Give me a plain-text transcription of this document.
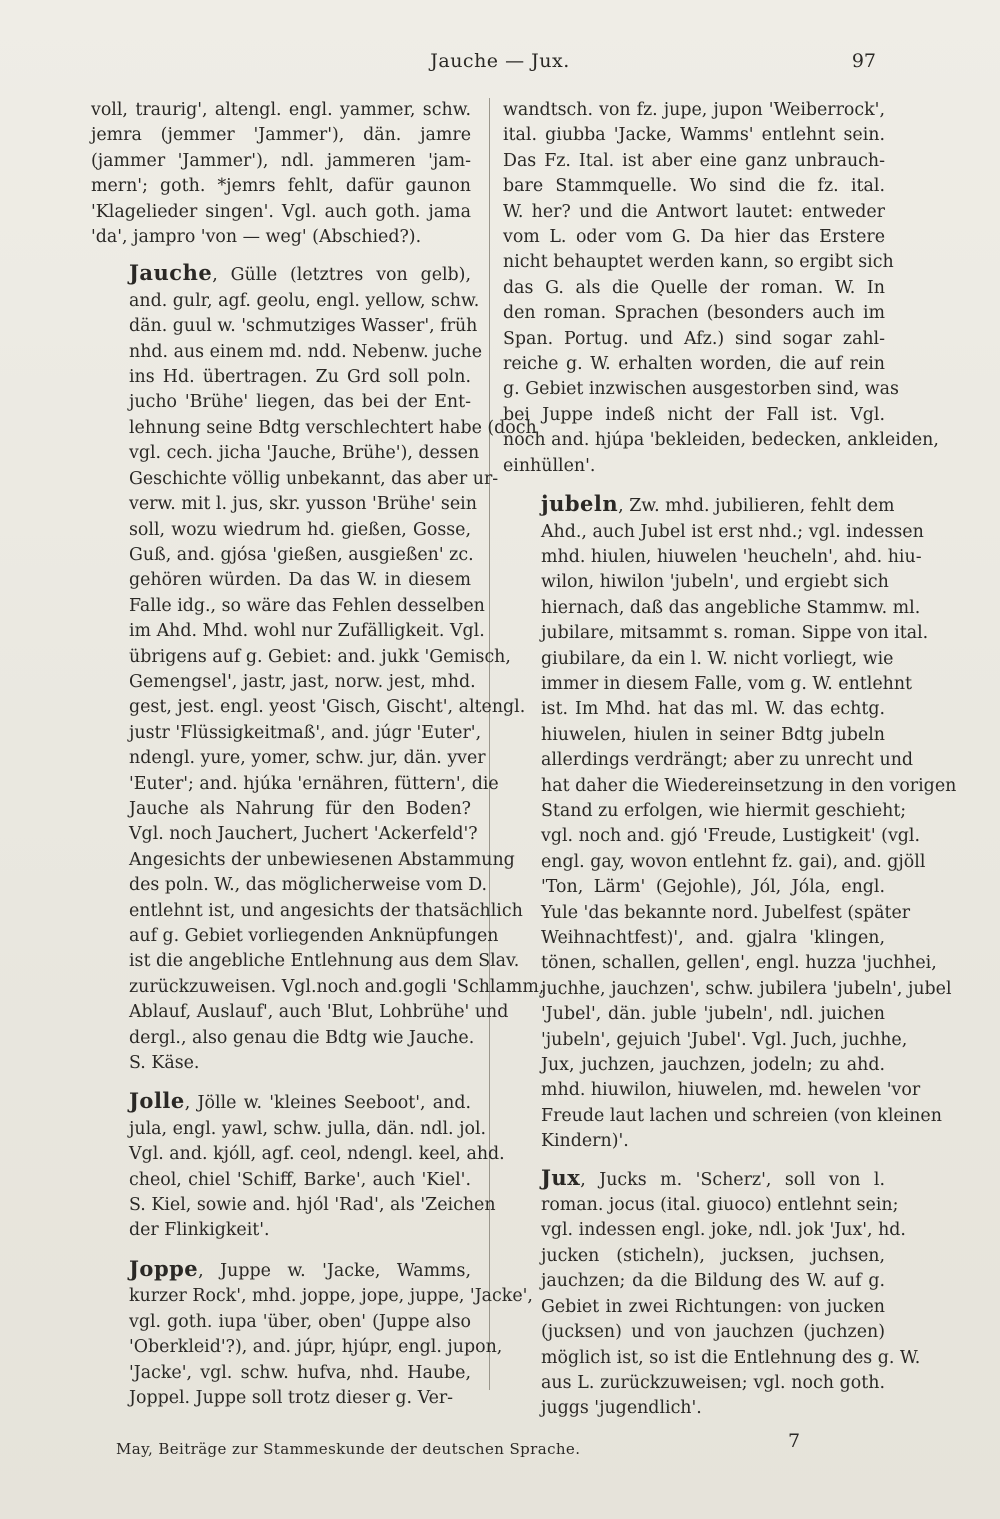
Jauche — Jux.	97

voll, traurig', altengl. engl. yammer, schw.
jemra (jemmer 'Jammer'), dän. jamre
(jammer 'Jammer'), ndl. jammeren 'jam-
mern'; goth. *jemrs fehlt, dafür gaunon
'Klagelieder singen'. Vgl. auch goth. jama
'da', jampro 'von — weg' (Abschied?).

Jauche, Gülle (letztres von gelb),
and. gulr, agf. geolu, engl. yellow, schw.
dän. guul w. 'schmutziges Wasser', früh
nhd. aus einem md. ndd. Nebenw. juche
ins Hd. übertragen. Zu Grd soll poln.
jucho 'Brühe' liegen, das bei der Ent-
lehnung seine Bdtg verschlechtert habe (doch
vgl. cech. jicha 'Jauche, Brühe'), dessen
Geschichte völlig unbekannt, das aber ur-
verw. mit l. jus, skr. yusson 'Brühe' sein
soll, wozu wiedrum hd. gießen, Gosse,
Guß, and. gjósa 'gießen, ausgießen' zc.
gehören würden. Da das W. in diesem
Falle idg., so wäre das Fehlen desselben
im Ahd. Mhd. wohl nur Zufälligkeit. Vgl.
übrigens auf g. Gebiet: and. jukk 'Gemisch,
Gemengsel', jastr, jast, norw. jest, mhd.
gest, jest. engl. yeost 'Gisch, Gischt', altengl.
justr 'Flüssigkeitmaß', and. júgr 'Euter',
ndengl. yure, yomer, schw. jur, dän. yver
'Euter'; and. hjúka 'ernähren, füttern', die
Jauche als Nahrung für den Boden?
Vgl. noch Jauchert, Juchert 'Ackerfeld'?
Angesichts der unbewiesenen Abstammung
des poln. W., das möglicherweise vom D.
entlehnt ist, und angesichts der thatsächlich
auf g. Gebiet vorliegenden Anknüpfungen
ist die angebliche Entlehnung aus dem Slav.
zurückzuweisen. Vgl.noch and.gogli 'Schlamm,
Ablauf, Auslauf', auch 'Blut, Lohbrühe' und
dergl., also genau die Bdtg wie Jauche.
S. Käse.

Jolle, Jölle w. 'kleines Seeboot', and.
jula, engl. yawl, schw. julla, dän. ndl. jol.
Vgl. and. kjóll, agf. ceol, ndengl. keel, ahd.
cheol, chiel 'Schiff, Barke', auch 'Kiel'.
S. Kiel, sowie and. hjól 'Rad', als 'Zeichen
der Flinkigkeit'.

Joppe, Juppe w. 'Jacke, Wamms,
kurzer Rock', mhd. joppe, jope, juppe, 'Jacke',
vgl. goth. iupa 'über, oben' (Juppe also
'Oberkleid'?), and. júpr, hjúpr, engl. jupon,
'Jacke', vgl. schw. hufva, nhd. Haube,
Joppel. Juppe soll trotz dieser g. Ver-

wandtsch. von fz. jupe, jupon 'Weiberrock',
ital. giubba 'Jacke, Wamms' entlehnt sein.
Das Fz. Ital. ist aber eine ganz unbrauch-
bare Stammquelle. Wo sind die fz. ital.
W. her? und die Antwort lautet: entweder
vom L. oder vom G. Da hier das Erstere
nicht behauptet werden kann, so ergibt sich
das G. als die Quelle der roman. W. In
den roman. Sprachen (besonders auch im
Span. Portug. und Afz.) sind sogar zahl-
reiche g. W. erhalten worden, die auf rein
g. Gebiet inzwischen ausgestorben sind, was
bei Juppe indeß nicht der Fall ist. Vgl.
noch and. hjúpa 'bekleiden, bedecken, ankleiden,
einhüllen'.

jubeln, Zw. mhd. jubilieren, fehlt dem
Ahd., auch Jubel ist erst nhd.; vgl. indessen
mhd. hiulen, hiuwelen 'heucheln', ahd. hiu-
wilon, hiwilon 'jubeln', und ergiebt sich
hiernach, daß das angebliche Stammw. ml.
jubilare, mitsammt s. roman. Sippe von ital.
giubilare, da ein l. W. nicht vorliegt, wie
immer in diesem Falle, vom g. W. entlehnt
ist. Im Mhd. hat das ml. W. das echtg.
hiuwelen, hiulen in seiner Bdtg jubeln
allerdings verdrängt; aber zu unrecht und
hat daher die Wiedereinsetzung in den vorigen
Stand zu erfolgen, wie hiermit geschieht;
vgl. noch and. gjó 'Freude, Lustigkeit' (vgl.
engl. gay, wovon entlehnt fz. gai), and. gjöll
'Ton, Lärm' (Gejohle), Jól, Jóla, engl.
Yule 'das bekannte nord. Jubelfest (später
Weihnachtfest)', and. gjalra 'klingen,
tönen, schallen, gellen', engl. huzza 'juchhei,
juchhe, jauchzen', schw. jubilera 'jubeln', jubel
'Jubel', dän. juble 'jubeln', ndl. juichen
'jubeln', gejuich 'Jubel'. Vgl. Juch, juchhe,
Jux, juchzen, jauchzen, jodeln; zu ahd.
mhd. hiuwilon, hiuwelen, md. hewelen 'vor
Freude laut lachen und schreien (von kleinen
Kindern)'.

Jux, Jucks m. 'Scherz', soll von l.
roman. jocus (ital. giuoco) entlehnt sein;
vgl. indessen engl. joke, ndl. jok 'Jux', hd.
jucken (sticheln), jucksen, juchsen,
jauchzen; da die Bildung des W. auf g.
Gebiet in zwei Richtungen: von jucken
(jucksen) und von jauchzen (juchzen)
möglich ist, so ist die Entlehnung des g. W.
aus L. zurückzuweisen; vgl. noch goth.
juggs 'jugendlich'.

May, Beiträge zur Stammeskunde der deutschen Sprache.	7
